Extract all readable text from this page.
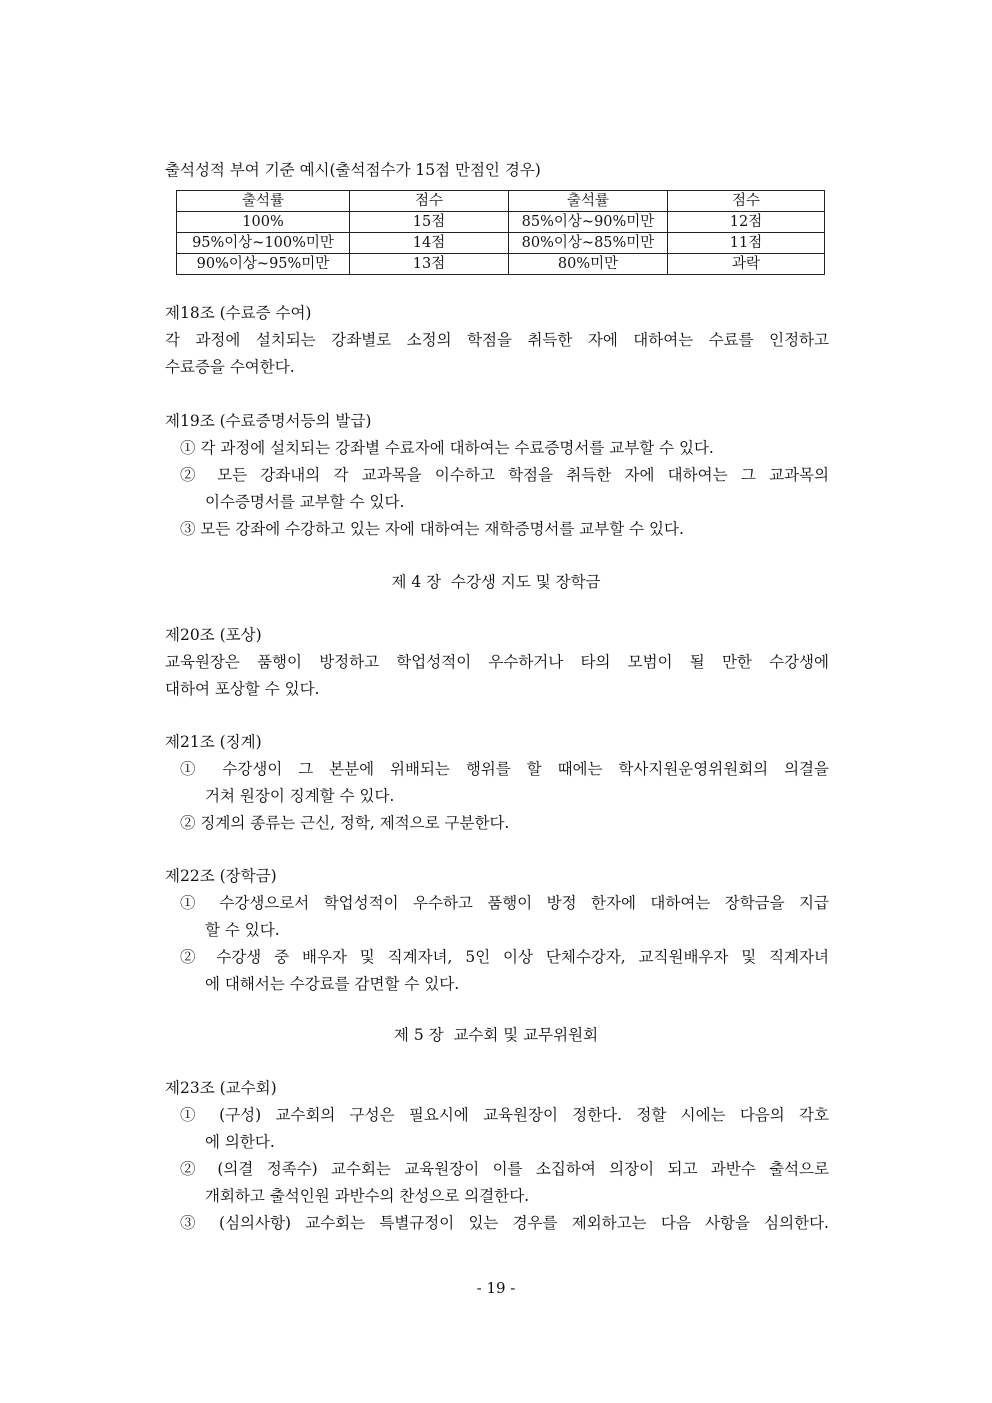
출석성적 부여 기준 예시(출석점수가 15점 만점인 경우)
출석률	점수	출석률	점수
100%	15점	85%이상~90%미만	12점
95%이상~100%미만	14점	80%이상~85%미만	11점
90%이상~95%미만	13점	80%미만	과락
제18조 (수료증 수여)
각 과정에 설치되는 강좌별로 소정의 학점을 취득한 자에 대하여는 수료를 인정하고
수료증을 수여한다.
제19조 (수료증명서등의 발급)
① 각 과정에 설치되는 강좌별 수료자에 대하여는 수료증명서를 교부할 수 있다.
② 모든 강좌내의 각 교과목을 이수하고 학점을 취득한 자에 대하여는 그 교과목의
이수증명서를 교부할 수 있다.
③ 모든 강좌에 수강하고 있는 자에 대하여는 재학증명서를 교부할 수 있다.
제 4 장  수강생 지도 및 장학금
제20조 (포상)
교육원장은 품행이 방정하고 학업성적이 우수하거나 타의 모범이 될 만한 수강생에
대하여 포상할 수 있다.
제21조 (징계)
① 수강생이 그 본분에 위배되는 행위를 할 때에는 학사지원운영위원회의 의결을
거쳐 원장이 징계할 수 있다.
② 징계의 종류는 근신, 정학, 제적으로 구분한다.
제22조 (장학금)
① 수강생으로서 학업성적이 우수하고 품행이 방정 한자에 대하여는 장학금을 지급
할 수 있다.
② 수강생 중 배우자 및 직계자녀, 5인 이상 단체수강자, 교직원배우자 및 직계자녀
에 대해서는 수강료를 감면할 수 있다.
제 5 장  교수회 및 교무위원회
제23조 (교수회)
① (구성) 교수회의 구성은 필요시에 교육원장이 정한다. 정할 시에는 다음의 각호
에 의한다.
② (의결 정족수) 교수회는 교육원장이 이를 소집하여 의장이 되고 과반수 출석으로
개회하고 출석인원 과반수의 찬성으로 의결한다.
③ (심의사항) 교수회는 특별규정이 있는 경우를 제외하고는 다음 사항을 심의한다.
- 19 -
